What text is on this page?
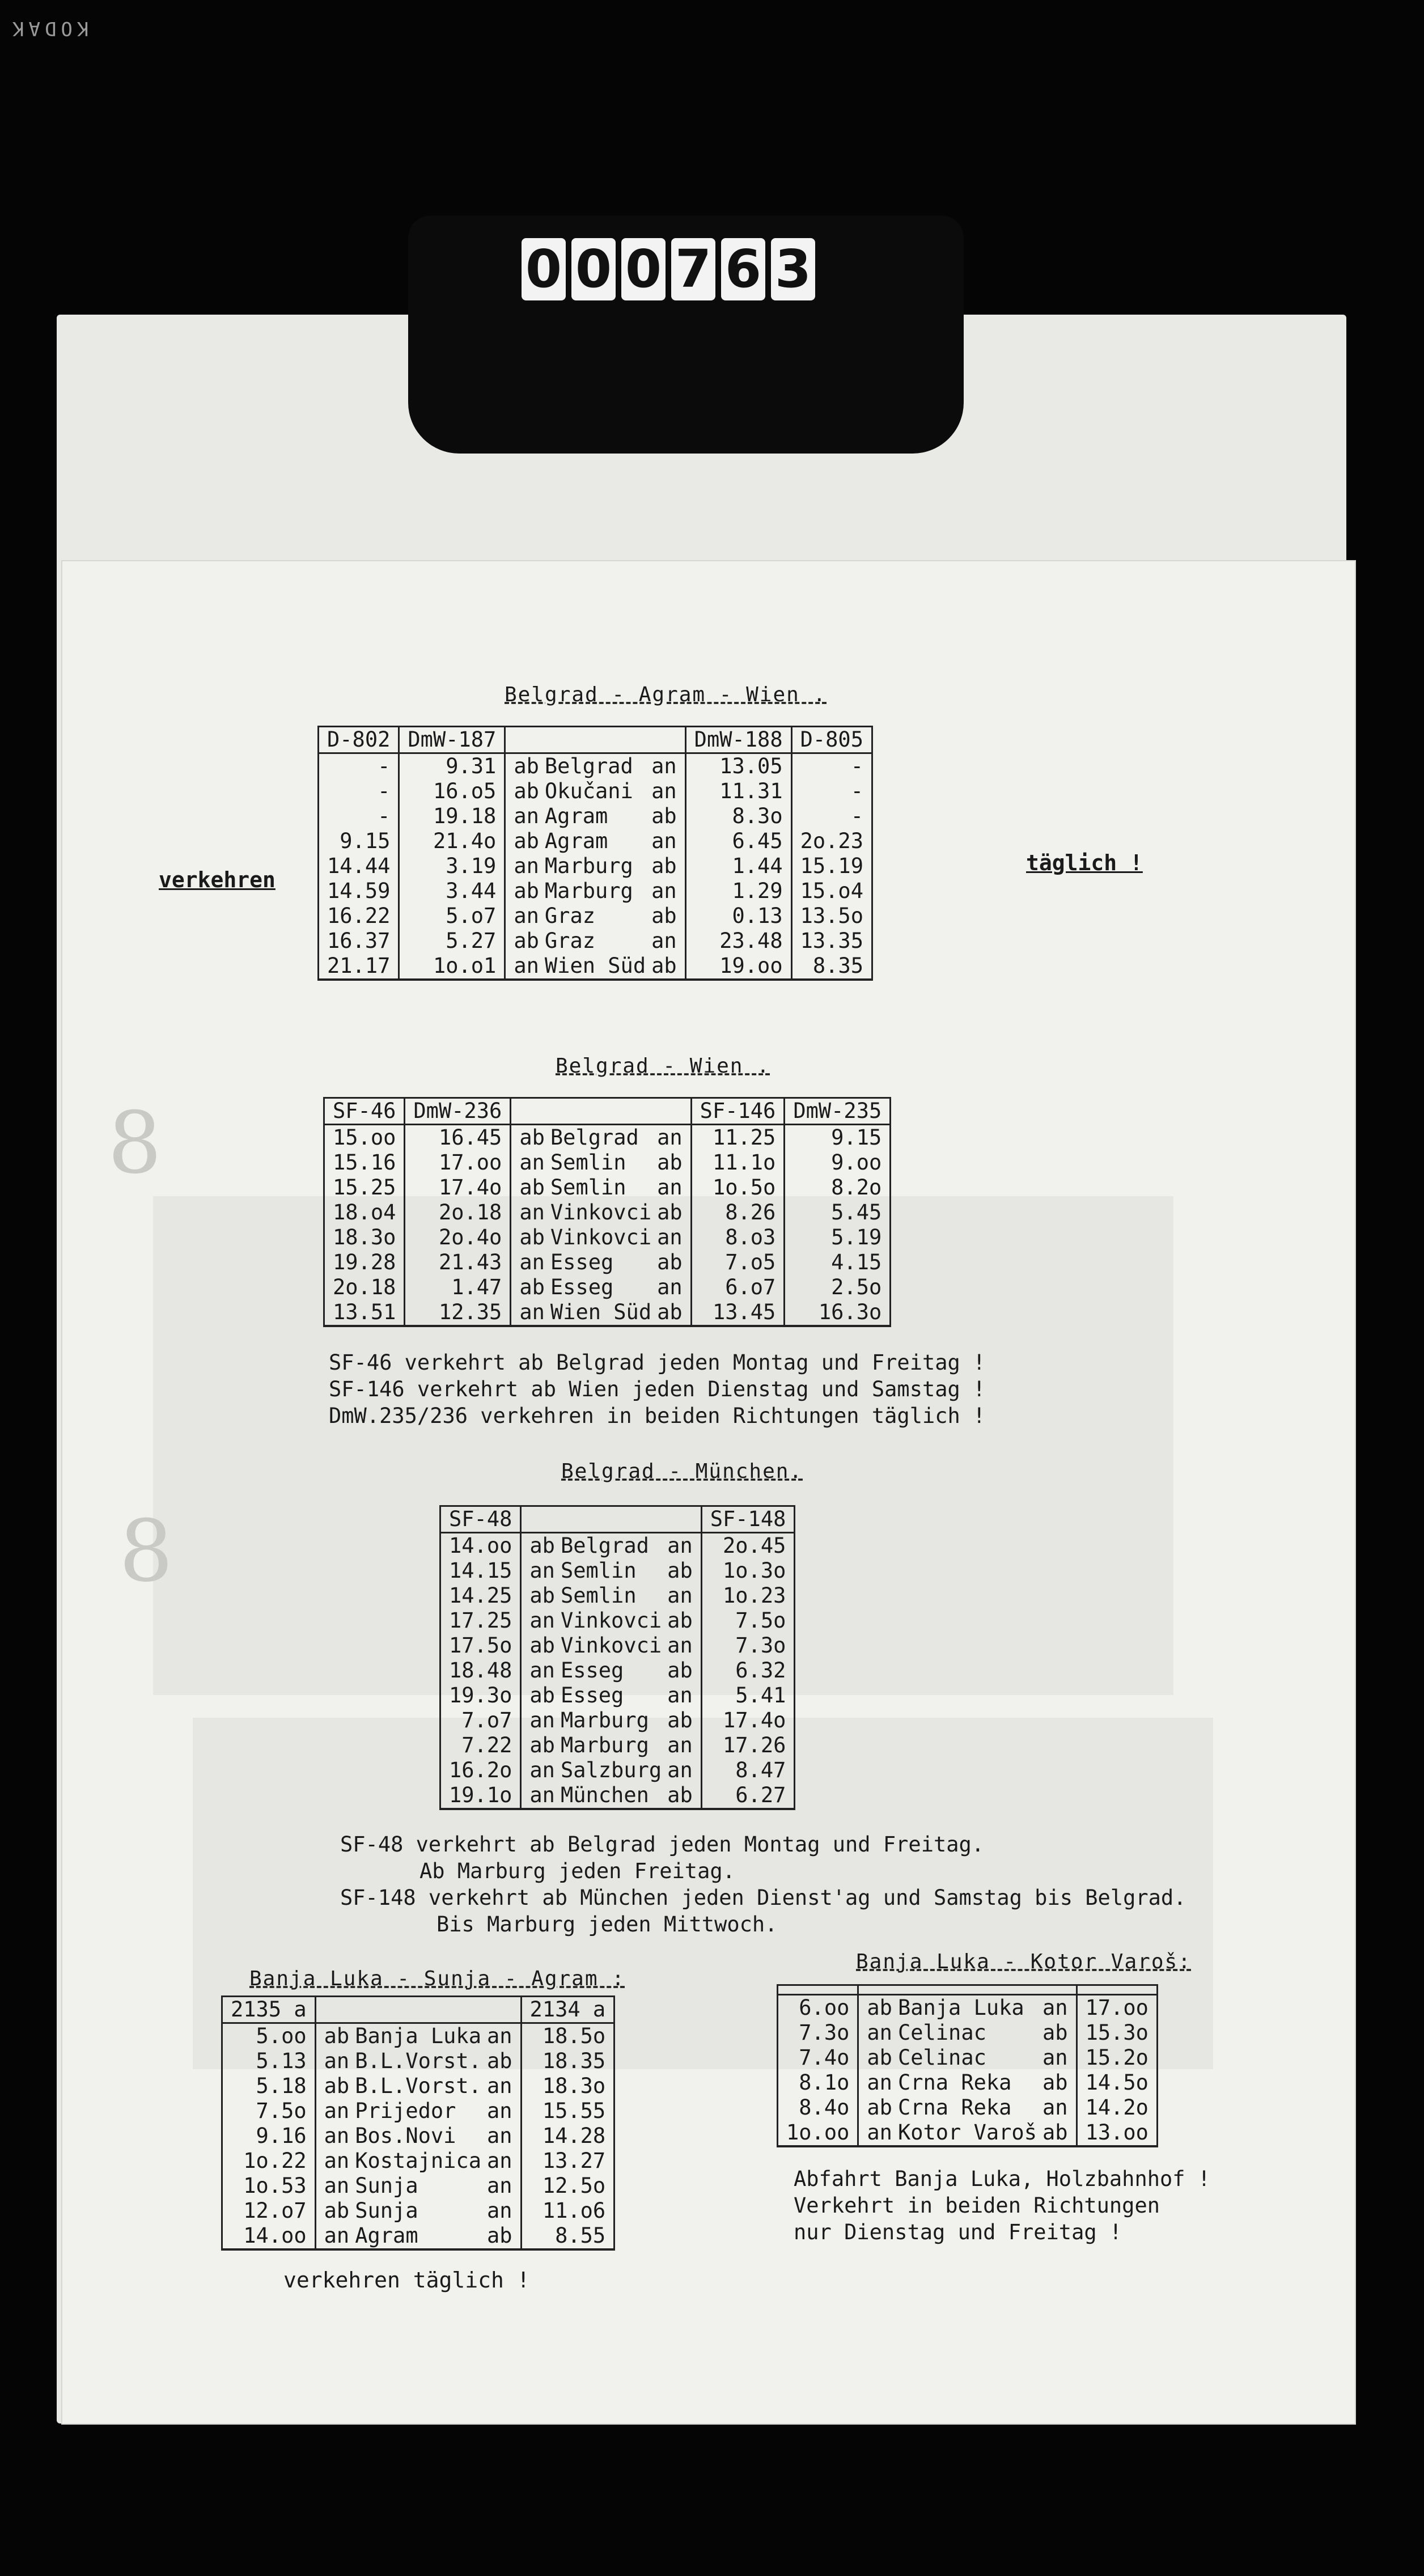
KODAK
0 0 0 7 6 3
8
8
Belgrad - Agram - Wien .
verkehren
täglich !
D-802	DmW-187				DmW-188	D-805
-	9.31	ab	Belgrad	an	13.05	-
-	16.o5	ab	Okučani	an	11.31	-
-	19.18	an	Agram	ab	8.3o	-
9.15	21.4o	ab	Agram	an	6.45	2o.23
14.44	3.19	an	Marburg	ab	1.44	15.19
14.59	3.44	ab	Marburg	an	1.29	15.o4
16.22	5.o7	an	Graz	ab	0.13	13.5o
16.37	5.27	ab	Graz	an	23.48	13.35
21.17	1o.o1	an	Wien Süd	ab	19.oo	8.35
Belgrad - Wien .
SF-46	DmW-236				SF-146	DmW-235
15.oo	16.45	ab	Belgrad	an	11.25	9.15
15.16	17.oo	an	Semlin	ab	11.1o	9.oo
15.25	17.4o	ab	Semlin	an	1o.5o	8.2o
18.o4	2o.18	an	Vinkovci	ab	8.26	5.45
18.3o	2o.4o	ab	Vinkovci	an	8.o3	5.19
19.28	21.43	an	Esseg	ab	7.o5	4.15
2o.18	1.47	ab	Esseg	an	6.o7	2.5o
13.51	12.35	an	Wien Süd	ab	13.45	16.3o
SF-46 verkehrt ab Belgrad jeden Montag und Freitag !
SF-146 verkehrt ab Wien jeden Dienstag und Samstag !
DmW.235/236 verkehren in beiden Richtungen täglich !
Belgrad - München.
SF-48				SF-148
14.oo	ab	Belgrad	an	2o.45
14.15	an	Semlin	ab	1o.3o
14.25	ab	Semlin	an	1o.23
17.25	an	Vinkovci	ab	7.5o
17.5o	ab	Vinkovci	an	7.3o
18.48	an	Esseg	ab	6.32
19.3o	ab	Esseg	an	5.41
7.o7	an	Marburg	ab	17.4o
7.22	ab	Marburg	an	17.26
16.2o	an	Salzburg	an	8.47
19.1o	an	München	ab	6.27
SF-48 verkehrt ab Belgrad jeden Montag und Freitag.
Ab Marburg jeden Freitag.
SF-148 verkehrt ab München jeden Dienst'ag und Samstag bis Belgrad.
Bis Marburg jeden Mittwoch.
Banja Luka - Sunja - Agram :
2135 a				2134 a
5.oo	ab	Banja Luka	an	18.5o
5.13	an	B.L.Vorst.	ab	18.35
5.18	ab	B.L.Vorst.	an	18.3o
7.5o	an	Prijedor	an	15.55
9.16	an	Bos.Novi	an	14.28
1o.22	an	Kostajnica	an	13.27
1o.53	an	Sunja	an	12.5o
12.o7	ab	Sunja	an	11.o6
14.oo	an	Agram	ab	8.55
verkehren täglich !
Banja Luka - Kotor Varoš:

6.oo	ab	Banja Luka	an	17.oo
7.3o	an	Celinac	ab	15.3o
7.4o	ab	Celinac	an	15.2o
8.1o	an	Crna Reka	ab	14.5o
8.4o	ab	Crna Reka	an	14.2o
1o.oo	an	Kotor Varoš	ab	13.oo
Abfahrt Banja Luka, Holzbahnhof !
Verkehrt in beiden Richtungen
nur Dienstag und Freitag !
